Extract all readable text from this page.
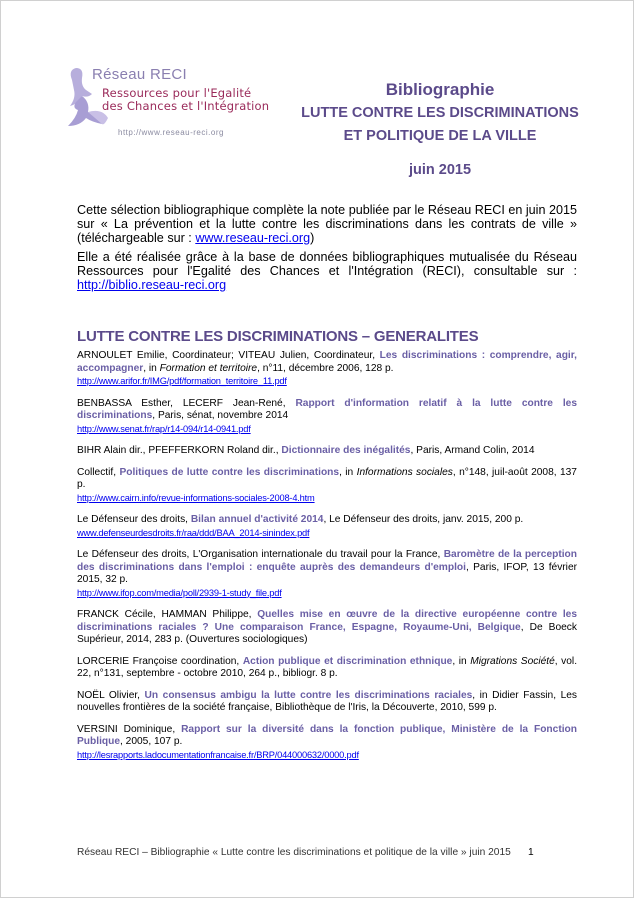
Réseau RECI
Ressources pour l'Egalité
des Chances et l'Intégration
http://www.reseau-reci.org
Bibliographie
LUTTE CONTRE LES DISCRIMINATIONS
ET POLITIQUE DE LA VILLE
juin 2015
Cette sélection bibliographique complète la note publiée par le Réseau RECI en juin 2015 sur « La prévention et la lutte contre les discriminations dans les contrats de ville » (téléchargeable sur : www.reseau-reci.org)
Elle a été réalisée grâce à la base de données bibliographiques mutualisée du Réseau Ressources pour l'Egalité des Chances et l'Intégration (RECI), consultable sur : http://biblio.reseau-reci.org
LUTTE CONTRE LES DISCRIMINATIONS – GENERALITES
ARNOULET Emilie, Coordinateur; VITEAU Julien, Coordinateur, Les discriminations : comprendre, agir, accompagner, in Formation et territoire, n°11, décembre 2006, 128 p.
http://www.arifor.fr/IMG/pdf/formation_territoire_11.pdf
BENBASSA Esther, LECERF Jean-René, Rapport d'information relatif à la lutte contre les discriminations, Paris, sénat, novembre 2014
http://www.senat.fr/rap/r14-094/r14-0941.pdf
BIHR Alain dir., PFEFFERKORN Roland dir., Dictionnaire des inégalités, Paris, Armand Colin, 2014
Collectif, Politiques de lutte contre les discriminations, in Informations sociales, n°148, juil-août 2008, 137 p.
http://www.cairn.info/revue-informations-sociales-2008-4.htm
Le Défenseur des droits, Bilan annuel d'activité 2014, Le Défenseur des droits, janv. 2015, 200 p.
www.defenseurdesdroits.fr/raa/ddd/BAA_2014-sinindex.pdf
Le Défenseur des droits, L'Organisation internationale du travail pour la France, Baromètre de la perception des discriminations dans l'emploi : enquête auprès des demandeurs d'emploi, Paris, IFOP, 13 février 2015, 32 p.
http://www.ifop.com/media/poll/2939-1-study_file.pdf
FRANCK Cécile, HAMMAN Philippe, Quelles mise en œuvre de la directive européenne contre les discriminations raciales ? Une comparaison France, Espagne, Royaume-Uni, Belgique, De Boeck Supérieur, 2014, 283 p. (Ouvertures sociologiques)
LORCERIE Françoise coordination, Action publique et discrimination ethnique, in Migrations Société, vol. 22, n°131, septembre - octobre 2010, 264 p., bibliogr. 8 p.
NOËL Olivier, Un consensus ambigu la lutte contre les discriminations raciales, in Didier Fassin, Les nouvelles frontières de la société française, Bibliothèque de l'Iris, la Découverte, 2010, 599 p.
VERSINI Dominique, Rapport sur la diversité dans la fonction publique, Ministère de la Fonction Publique, 2005, 107 p.
http://lesrapports.ladocumentationfrancaise.fr/BRP/044000632/0000.pdf
Réseau RECI – Bibliographie « Lutte contre les discriminations et politique de la ville » juin 2015 1
